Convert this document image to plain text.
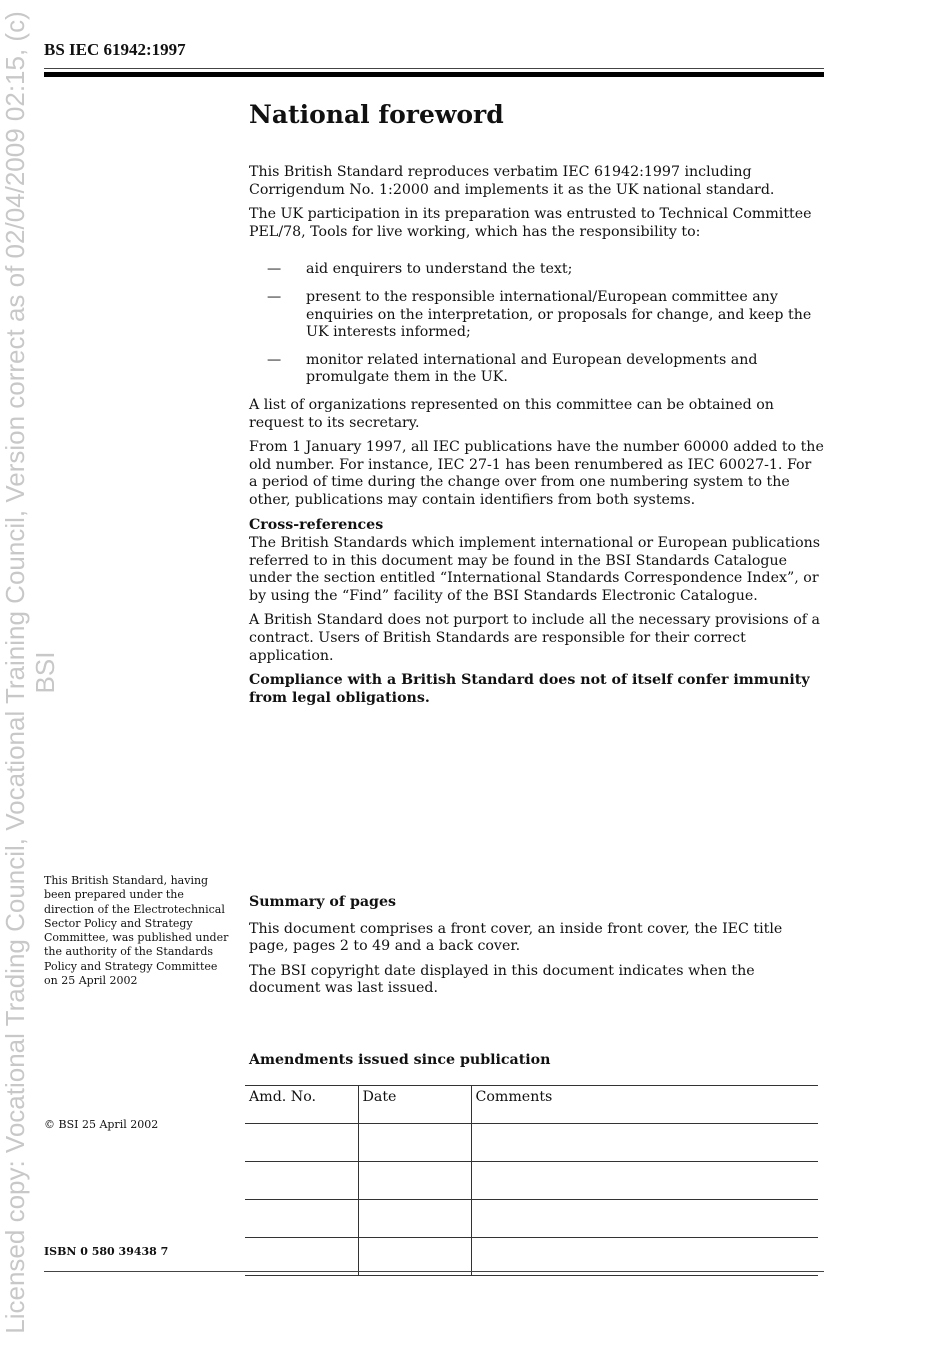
BS IEC 61942:1997
Licensed copy: Vocational Trading Council, Vocational Training Council, Version correct as of 02/04/2009 02:15, (c) BSI
National foreword

This British Standard reproduces verbatim IEC 61942:1997 including Corrigendum No. 1:2000 and implements it as the UK national standard.

The UK participation in its preparation was entrusted to Technical Committee PEL/78, Tools for live working, which has the responsibility to:

— aid enquirers to understand the text;
— present to the responsible international/European committee any enquiries on the interpretation, or proposals for change, and keep the UK interests informed;
— monitor related international and European developments and promulgate them in the UK.

A list of organizations represented on this committee can be obtained on request to its secretary.

From 1 January 1997, all IEC publications have the number 60000 added to the old number. For instance, IEC 27-1 has been renumbered as IEC 60027-1. For a period of time during the change over from one numbering system to the other, publications may contain identifiers from both systems.

Cross-references

The British Standards which implement international or European publications referred to in this document may be found in the BSI Standards Catalogue under the section entitled “International Standards Correspondence Index”, or by using the “Find” facility of the BSI Standards Electronic Catalogue.

A British Standard does not purport to include all the necessary provisions of a contract. Users of British Standards are responsible for their correct application.

Compliance with a British Standard does not of itself confer immunity from legal obligations.

This British Standard, having been prepared under the direction of the Electrotechnical Sector Policy and Strategy Committee, was published under the authority of the Standards Policy and Strategy Committee on 25 April 2002

Summary of pages

This document comprises a front cover, an inside front cover, the IEC title page, pages 2 to 49 and a back cover.

The BSI copyright date displayed in this document indicates when the document was last issued.

Amendments issued since publication
Amd. No.	Date	Comments

© BSI 25 April 2002
ISBN 0 580 39438 7
